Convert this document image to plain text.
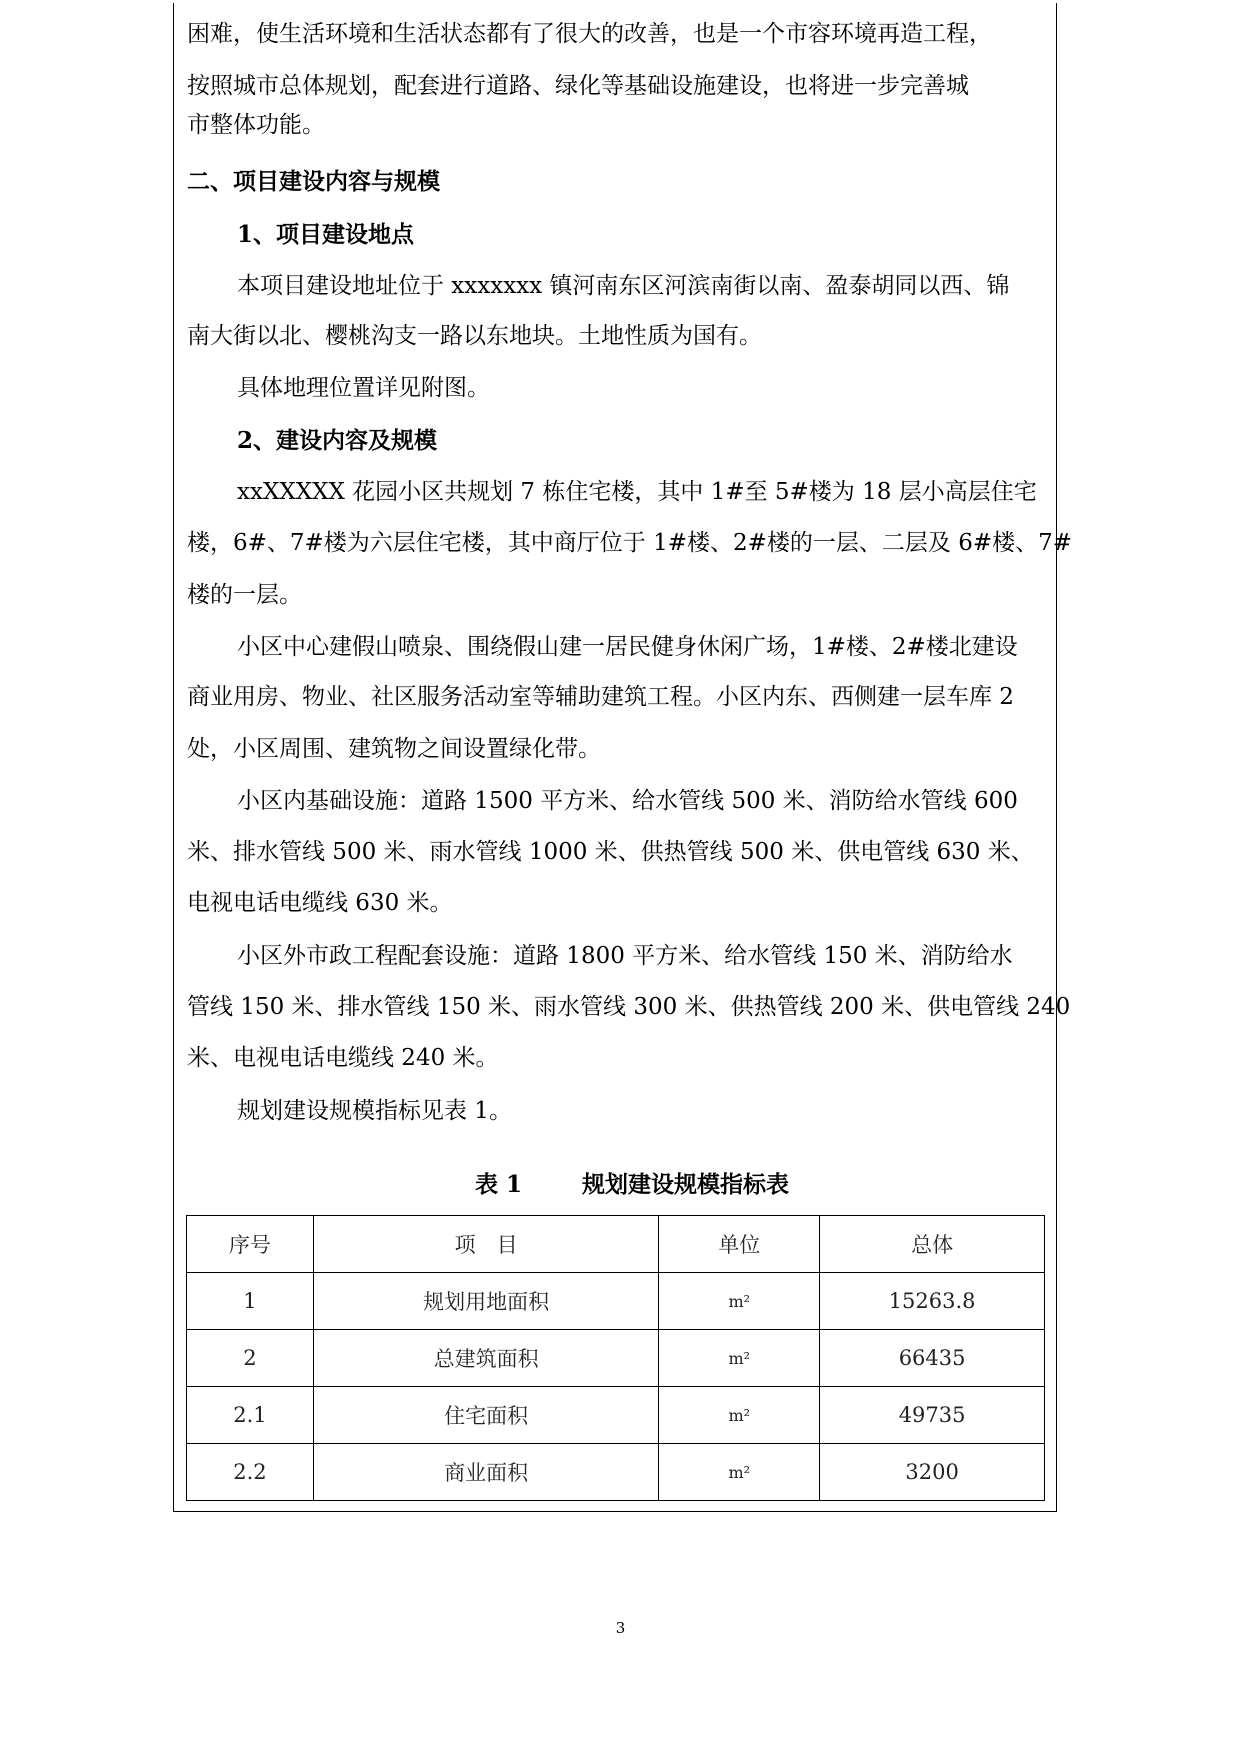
困难，使生活环境和生活状态都有了很大的改善，也是一个市容环境再造工程，
按照城市总体规划，配套进行道路、绿化等基础设施建设，也将进一步完善城
市整体功能。
二、项目建设内容与规模
1、项目建设地点
本项目建设地址位于 xxxxxxx 镇河南东区河滨南街以南、盈泰胡同以西、锦
南大街以北、樱桃沟支一路以东地块。土地性质为国有。
具体地理位置详见附图。
2、建设内容及规模
xxXXXXX 花园小区共规划 7 栋住宅楼，其中 1#至 5#楼为 18 层小高层住宅
楼，6#、7#楼为六层住宅楼，其中商厅位于 1#楼、2#楼的一层、二层及 6#楼、7#
楼的一层。
小区中心建假山喷泉、围绕假山建一居民健身休闲广场，1#楼、2#楼北建设
商业用房、物业、社区服务活动室等辅助建筑工程。小区内东、西侧建一层车库 2
处，小区周围、建筑物之间设置绿化带。
小区内基础设施：道路 1500 平方米、给水管线 500 米、消防给水管线 600
米、排水管线 500 米、雨水管线 1000 米、供热管线 500 米、供电管线 630 米、
电视电话电缆线 630 米。
小区外市政工程配套设施：道路 1800 平方米、给水管线 150 米、消防给水
管线 150 米、排水管线 150 米、雨水管线 300 米、供热管线 200 米、供电管线 240
米、电视电话电缆线 240 米。
规划建设规模指标见表 1。
表 1	规划建设规模指标表
序号	项　目	单位	总体
1	规划用地面积	m²	15263.8
2	总建筑面积	m²	66435
2.1	住宅面积	m²	49735
2.2	商业面积	m²	3200
3
